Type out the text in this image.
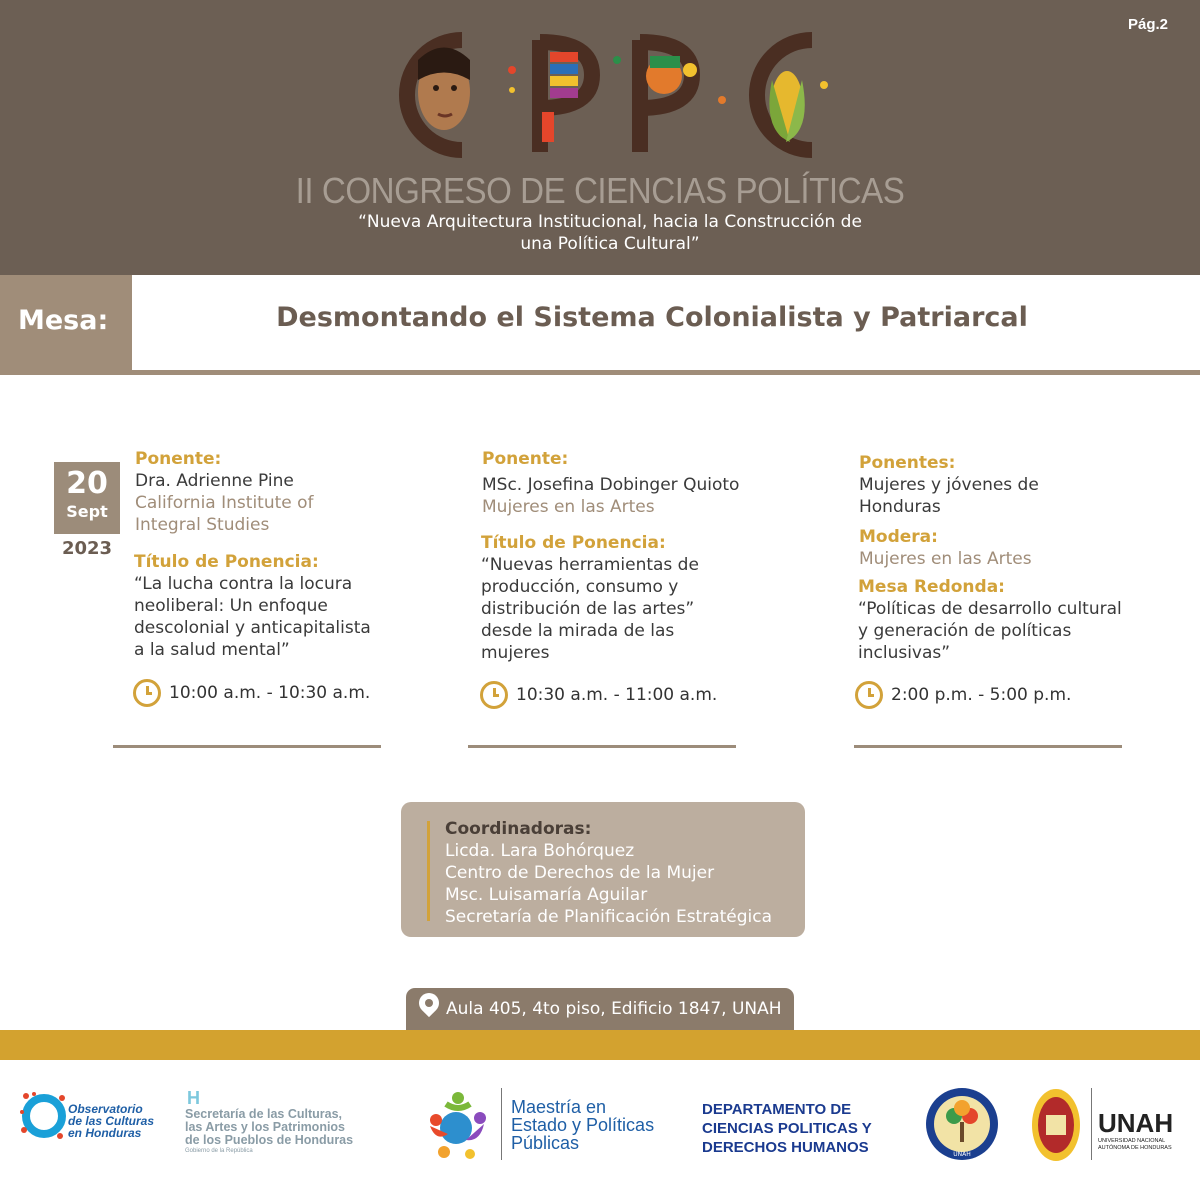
Pág.2
II CONGRESO DE CIENCIAS POLÍTICAS
“Nueva Arquitectura Institucional, hacia la Construcción de
una Política Cultural”
Mesa:	Desmontando el Sistema Colonialista y Patriarcal
20
Sept
2023
Ponente:
Dra. Adrienne Pine
California Institute of
Integral Studies
Título de Ponencia:
“La lucha contra la locura
neoliberal: Un enfoque
descolonial y anticapitalista
a la salud mental”
10:00 a.m. - 10:30 a.m.
Ponente:
MSc. Josefina Dobinger Quioto
Mujeres en las Artes
Título de Ponencia:
“Nuevas herramientas de
producción, consumo y
distribución de las artes”
desde la mirada de las
mujeres
10:30 a.m. - 11:00 a.m.
Ponentes:
Mujeres y jóvenes de
Honduras
Modera:
Mujeres en las Artes
Mesa Redonda:
“Políticas de desarrollo cultural
y generación de políticas
inclusivas”
2:00 p.m. - 5:00 p.m.
Coordinadoras:
Licda. Lara Bohórquez
Centro de Derechos de la Mujer
Msc. Luisamaría Aguilar
Secretaría de Planificación Estratégica
Aula 405, 4to piso, Edificio 1847, UNAH
Observatorio
de las Culturas
en Honduras
H
Secretaría de las Culturas,
las Artes y los Patrimonios
de los Pueblos de Honduras
Gobierno de la República
Maestría en
Estado y Políticas
Públicas
DEPARTAMENTO DE
CIENCIAS POLITICAS Y
DERECHOS HUMANOS	UNAH
UNAH
UNIVERSIDAD NACIONAL
AUTÓNOMA DE HONDURAS
